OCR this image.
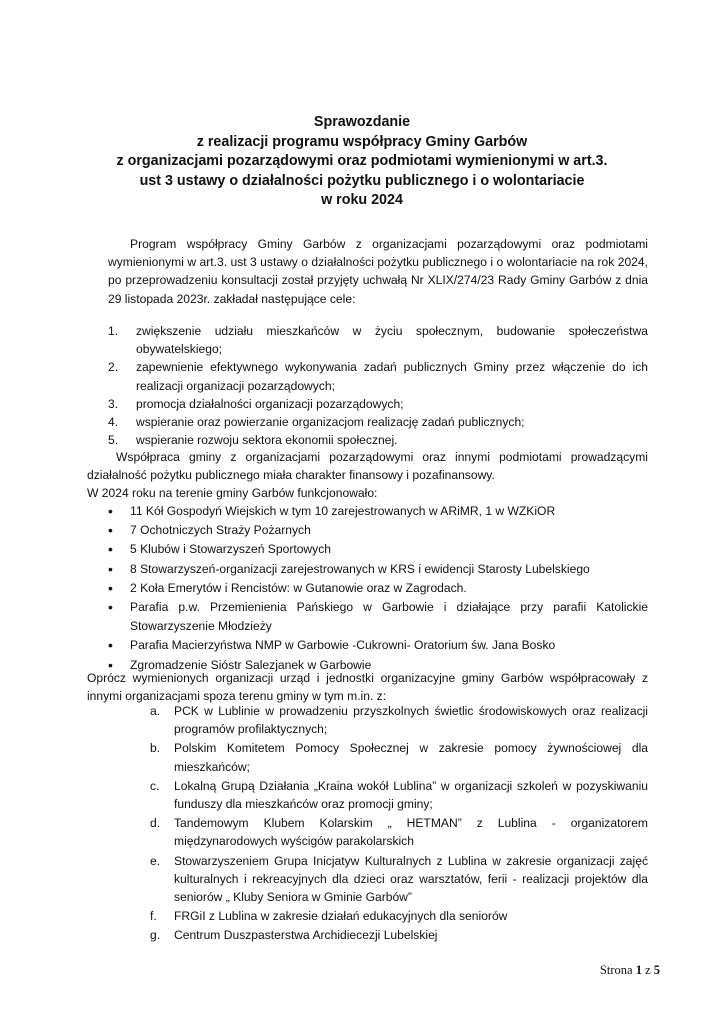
Sprawozdanie
z realizacji programu współpracy Gminy Garbów
z organizacjami pozarządowymi oraz podmiotami wymienionymi w art.3.
ust 3 ustawy o działalności pożytku publicznego i o wolontariacie
w roku 2024

Program współpracy Gminy Garbów z organizacjami pozarządowymi oraz podmiotami wymienionymi w art.3. ust 3 ustawy o działalności pożytku publicznego i o wolontariacie na rok 2024, po przeprowadzeniu konsultacji został przyjęty uchwałą Nr XLIX/274/23 Rady Gminy Garbów z dnia 29 listopada 2023r. zakładał następujące cele:

1. zwiększenie udziału mieszkańców w życiu społecznym, budowanie społeczeństwa obywatelskiego;
2. zapewnienie efektywnego wykonywania zadań publicznych Gminy przez włączenie do ich realizacji organizacji pozarządowych;
3. promocja działalności organizacji pozarządowych;
4. wspieranie oraz powierzanie organizacjom realizację zadań publicznych;
5. wspieranie rozwoju sektora ekonomii społecznej.

Współpraca gminy z organizacjami pozarządowymi oraz innymi podmiotami prowadzącymi działalność pożytku publicznego miała charakter finansowy i pozafinansowy.

W 2024 roku na terenie gminy Garbów funkcjonowało:

• 11 Kół Gospodyń Wiejskich w tym 10 zarejestrowanych w ARiMR, 1 w WZKiOR
• 7 Ochotniczych Straży Pożarnych
• 5 Klubów i Stowarzyszeń Sportowych
• 8 Stowarzyszeń-organizacji zarejestrowanych w KRS i ewidencji Starosty Lubelskiego
• 2 Koła Emerytów i Rencistów: w Gutanowie oraz w Zagrodach.
• Parafia p.w. Przemienienia Pańskiego w Garbowie i działające przy parafii Katolickie Stowarzyszenie Młodzieży
• Parafia Macierzyństwa NMP w Garbowie -Cukrowni- Oratorium św. Jana Bosko
• Zgromadzenie Sióstr Salezjanek w Garbowie

Oprócz wymienionych organizacji urząd i jednostki organizacyjne gminy Garbów współpracowały z innymi organizacjami spoza terenu gminy w tym m.in. z:

a. PCK w Lublinie w prowadzeniu przyszkolnych świetlic środowiskowych oraz realizacji programów profilaktycznych;
b. Polskim Komitetem Pomocy Społecznej w zakresie pomocy żywnościowej dla mieszkańców;
c. Lokalną Grupą Działania „Kraina wokół Lublina” w organizacji szkoleń w pozyskiwaniu funduszy dla mieszkańców oraz promocji gminy;
d. Tandemowym Klubem Kolarskim „ HETMAN” z Lublina - organizatorem międzynarodowych wyścigów parakolarskich
e. Stowarzyszeniem Grupa Inicjatyw Kulturalnych z Lublina w zakresie organizacji zajęć kulturalnych i rekreacyjnych dla dzieci oraz warsztatów, ferii - realizacji projektów dla seniorów „ Kluby Seniora w Gminie Garbów”
f. FRGiI z Lublina w zakresie działań edukacyjnych dla seniorów
g. Centrum Duszpasterstwa Archidiecezji Lubelskiej
Strona 1 z 5
